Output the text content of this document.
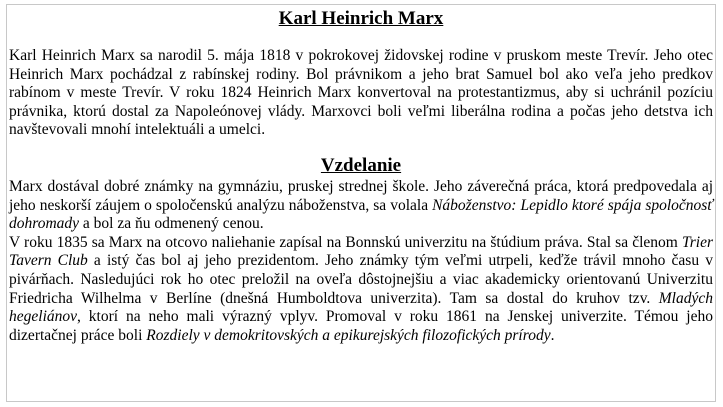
Karl Heinrich Marx

Karl Heinrich Marx sa narodil 5. mája 1818 v pokrokovej židovskej rodine v pruskom meste Trevír. Jeho otec Heinrich Marx pochádzal z rabínskej rodiny. Bol právnikom a jeho brat Samuel bol ako veľa jeho predkov rabínom v meste Trevír. V roku 1824 Heinrich Marx konvertoval na protestantizmus, aby si uchránil pozíciu právnika, ktorú dostal za Napoleónovej vlády. Marxovci boli veľmi liberálna rodina a počas jeho detstva ich navštevovali mnohí intelektuáli a umelci.

Vzdelanie

Marx dostával dobré známky na gymnáziu, pruskej strednej škole. Jeho záverečná práca, ktorá predpovedala aj jeho neskorší záujem o spoločenskú analýzu náboženstva, sa volala Náboženstvo: Lepidlo ktoré spája spoločnosť dohromady a bol za ňu odmenený cenou.

V roku 1835 sa Marx na otcovo naliehanie zapísal na Bonnskú univerzitu na štúdium práva. Stal sa členom Trier Tavern Club a istý čas bol aj jeho prezidentom. Jeho známky tým veľmi utrpeli, keďže trávil mnoho času v pivárňach. Nasledujúci rok ho otec preložil na oveľa dôstojnejšiu a viac akademicky orientovanú Univerzitu Friedricha Wilhelma v Berlíne (dnešná Humboldtova univerzita). Tam sa dostal do kruhov tzv. Mladých hegeliánov, ktorí na neho mali výrazný vplyv. Promoval v roku 1861 na Jenskej univerzite. Témou jeho dizertačnej práce boli Rozdiely v demokritovských a epikurejských filozofických prírody.
